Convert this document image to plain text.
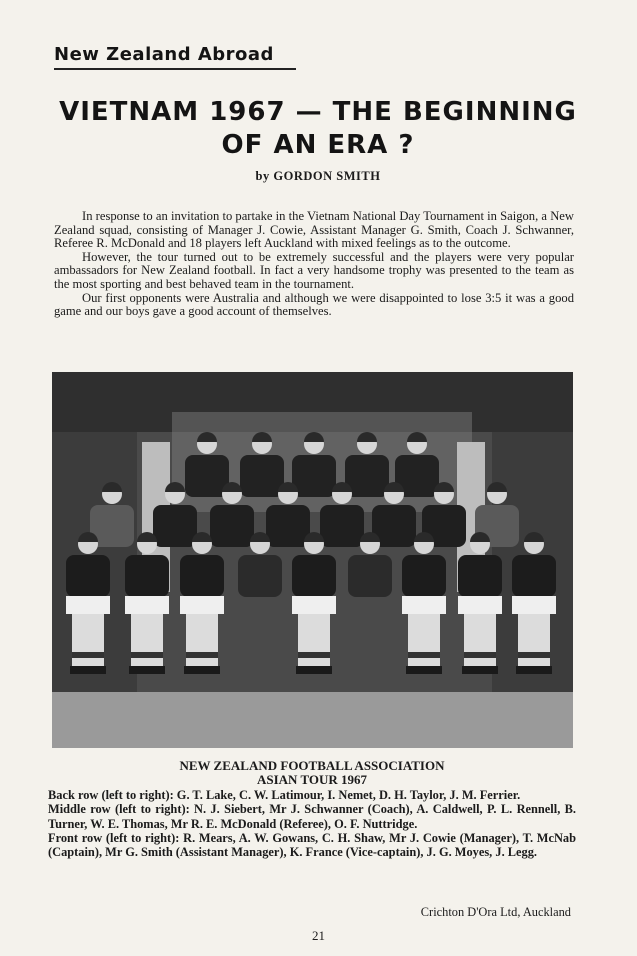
New Zealand Abroad
VIETNAM 1967 — THE BEGINNING
OF AN ERA ?
by GORDON SMITH

In response to an invitation to partake in the Vietnam National Day Tournament in Saigon, a New Zealand squad, consisting of Manager J. Cowie, Assistant Manager G. Smith, Coach J. Schwanner, Referee R. McDonald and 18 players left Auckland with mixed feelings as to the outcome.

However, the tour turned out to be extremely successful and the players were very popular ambassadors for New Zealand football. In fact a very handsome trophy was presented to the team as the most sporting and best behaved team in the tournament.

Our first opponents were Australia and although we were disappointed to lose 3:5 it was a good game and our boys gave a good account of themselves.

NEW ZEALAND FOOTBALL ASSOCIATION
ASIAN TOUR 1967

Back row (left to right): G. T. Lake, C. W. Latimour, I. Nemet, D. H. Taylor, J. M. Ferrier.

Middle row (left to right): N. J. Siebert, Mr J. Schwanner (Coach), A. Caldwell, P. L. Rennell, B. Turner, W. E. Thomas, Mr R. E. McDonald (Referee), O. F. Nuttridge.

Front row (left to right): R. Mears, A. W. Gowans, C. H. Shaw, Mr J. Cowie (Manager), T. McNab (Captain), Mr G. Smith (Assistant Manager), K. France (Vice-captain), J. G. Moyes, J. Legg.

Crichton D'Ora Ltd, Auckland
21
